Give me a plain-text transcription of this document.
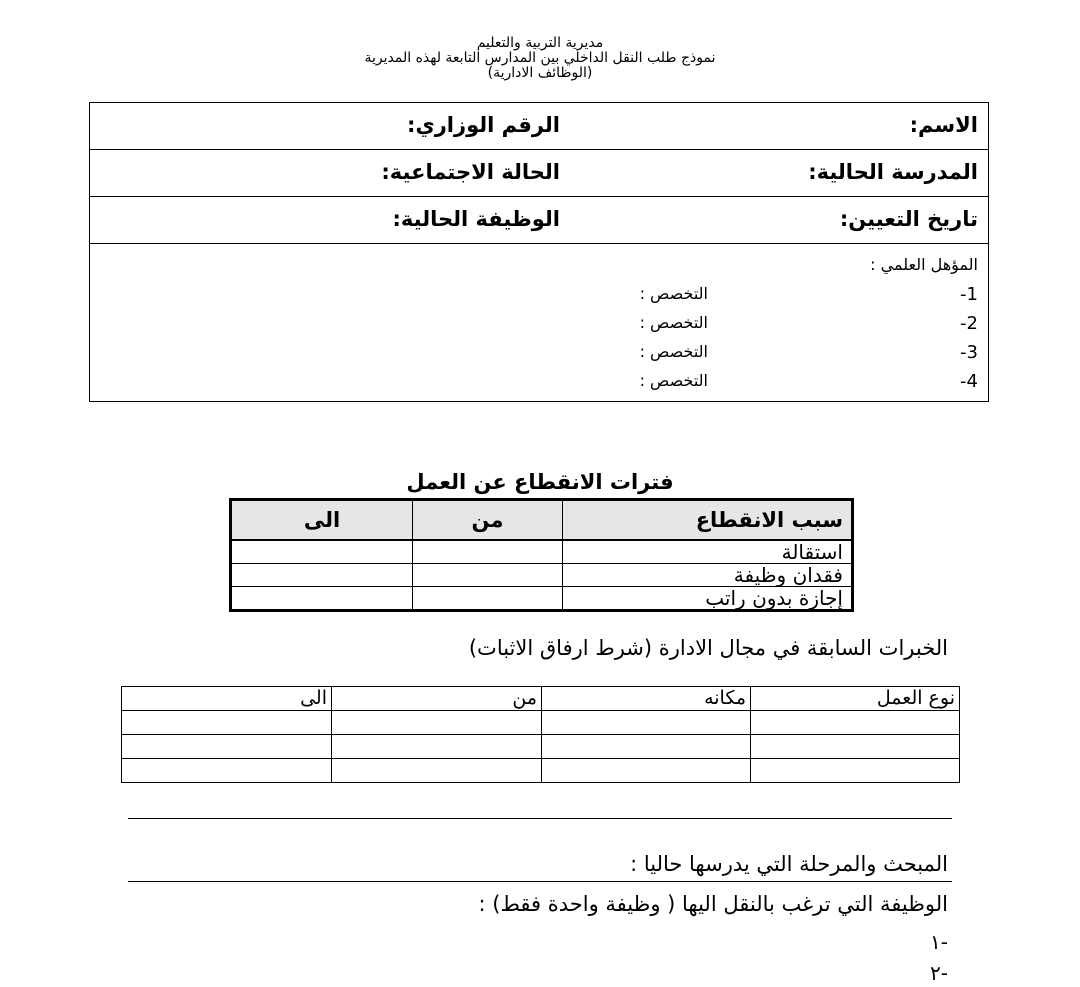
مديرية التربية والتعليم
نموذج طلب النقل الداخلي بين المدارس التابعة لهذه المديرية
(الوظائف الادارية)
الاسم:
الرقم الوزاري:
المدرسة الحالية:
الحالة الاجتماعية:
تاريخ التعيين:
الوظيفة الحالية:
المؤهل العلمي :
1-
التخصص :
2-
التخصص :
3-
التخصص :
4-
التخصص :
فترات الانقطاع عن العمل
سبب الانقطاع	من	الى
استقالة		
فقدان وظيفة		
إجازة بدون راتب		
الخبرات السابقة في مجال الادارة (شرط ارفاق الاثبات)
نوع العمل	مكانه	من	الى

المبحث والمرحلة التي يدرسها حاليا :
الوظيفة التي ترغب بالنقل اليها ( وظيفة واحدة فقط) :
-١
-٢
